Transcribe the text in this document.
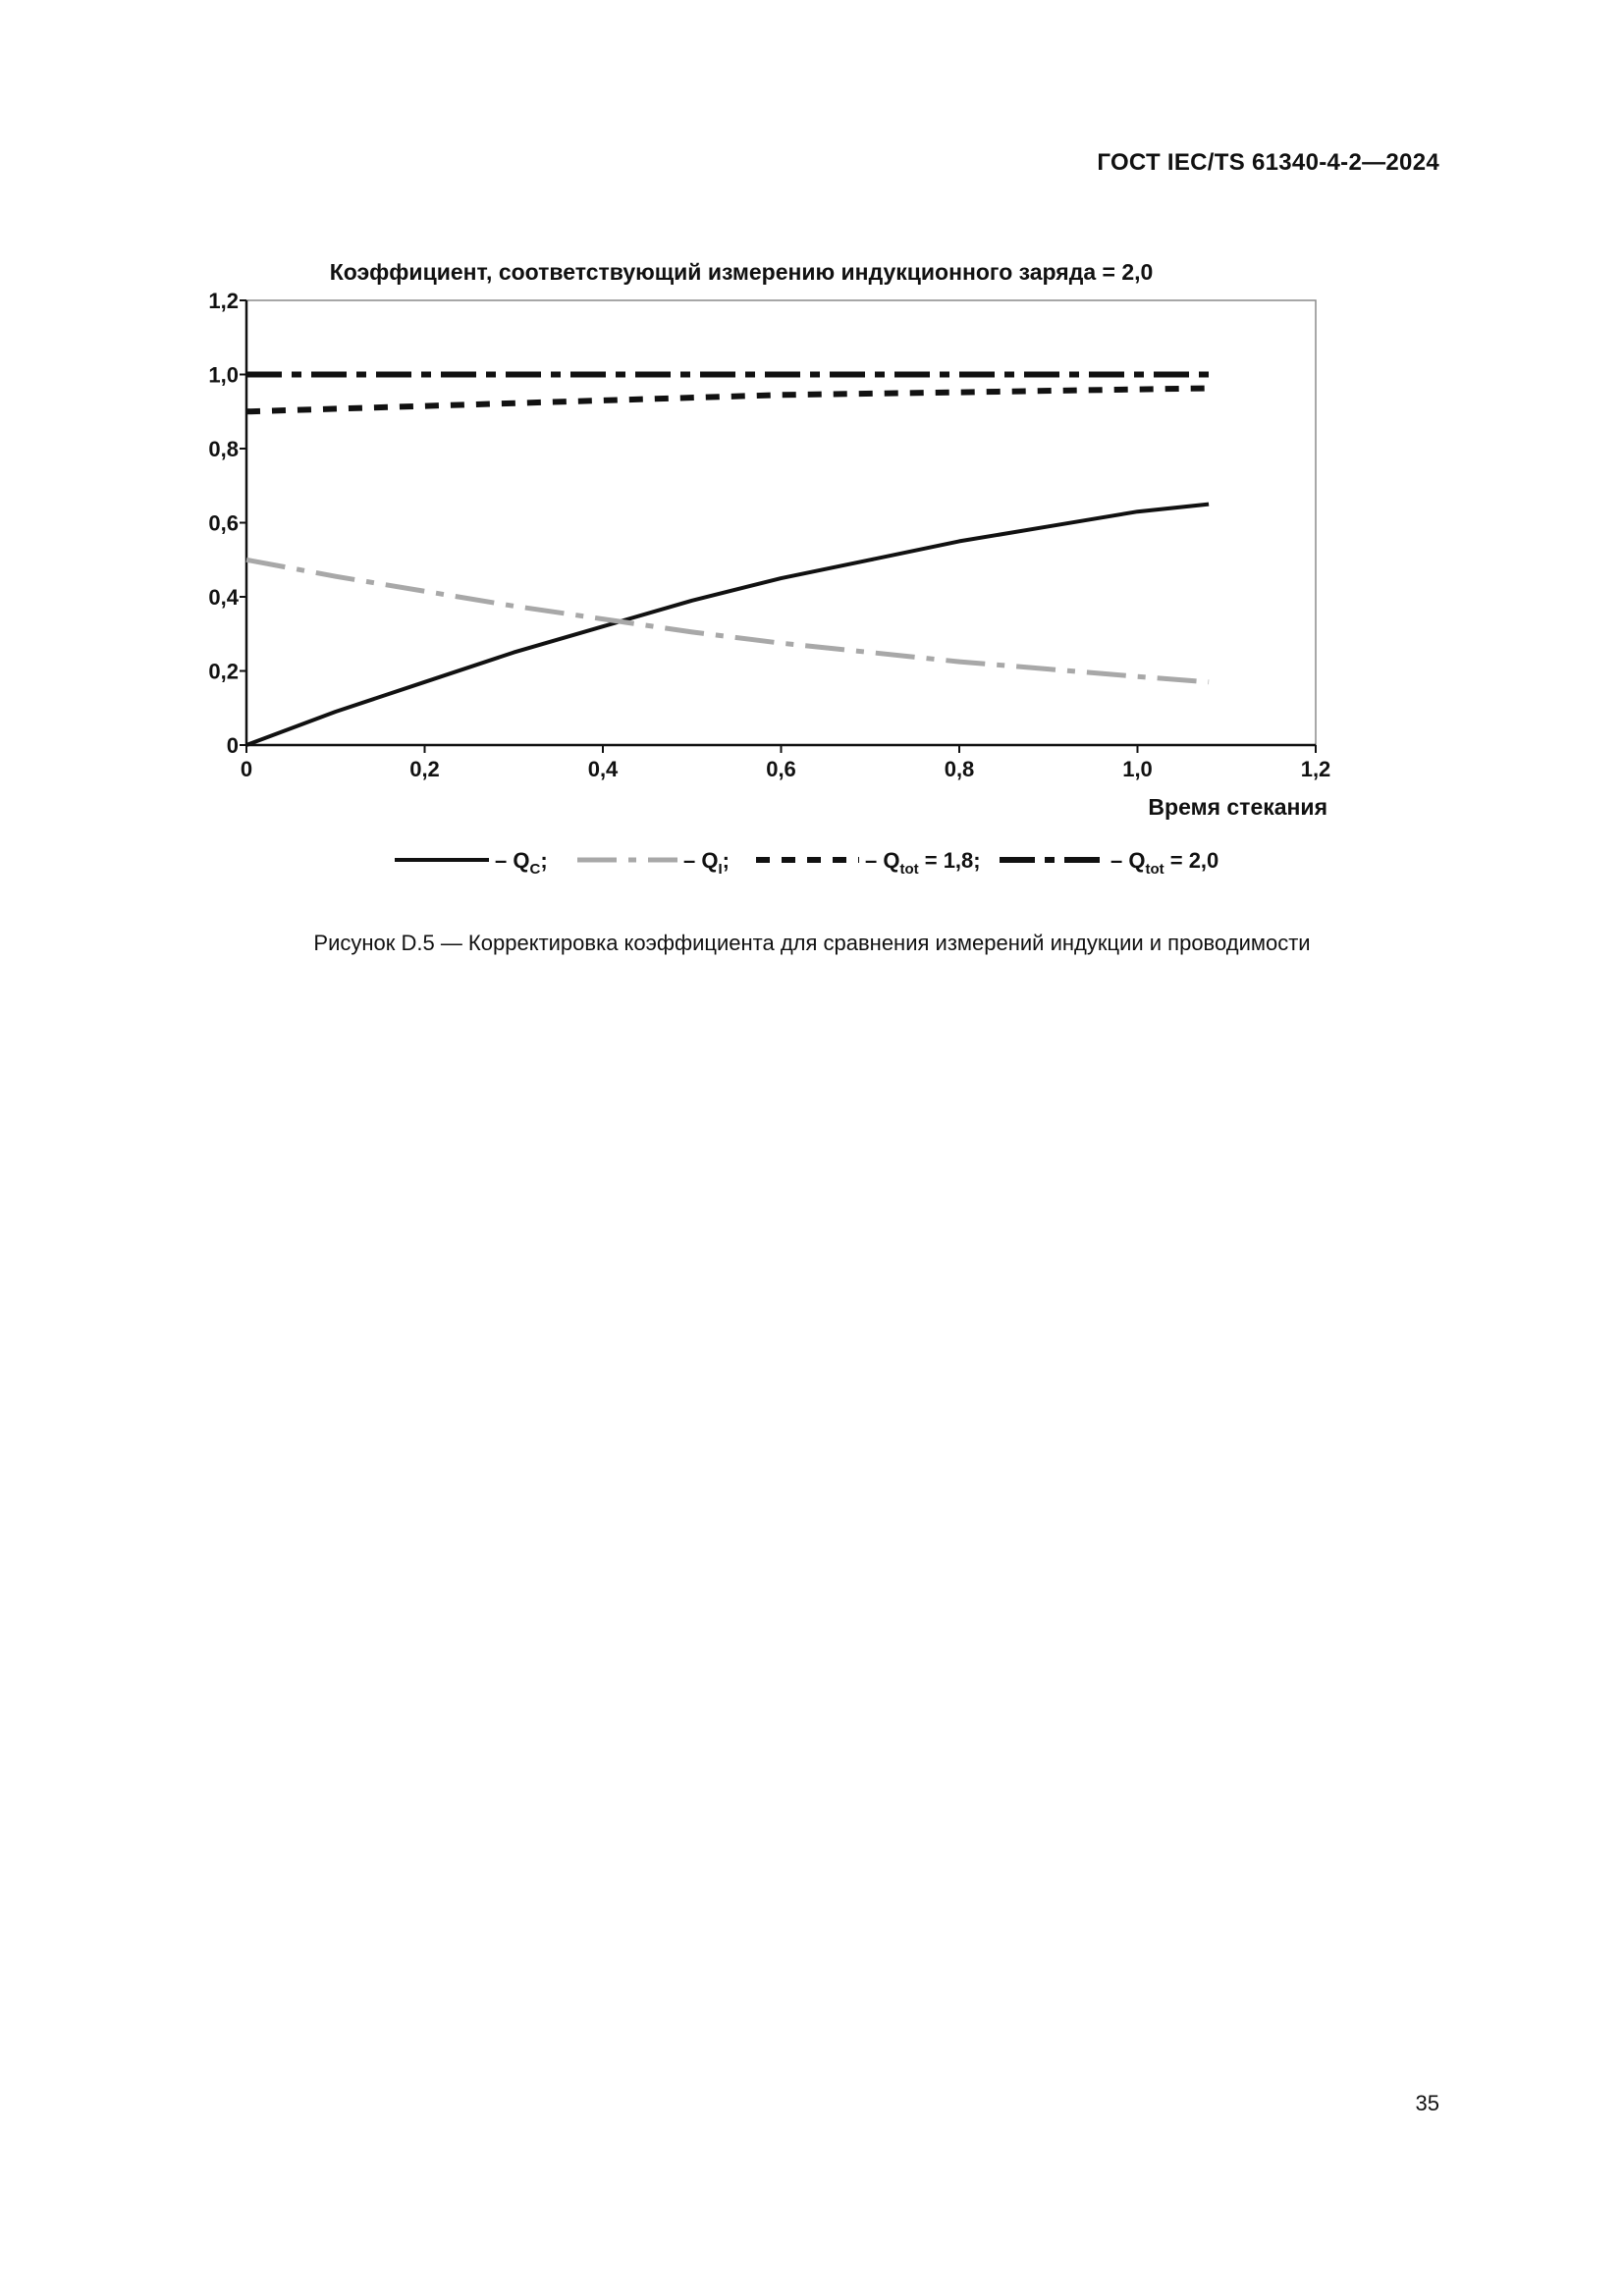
ГОСТ IEC/TS 61340-4-2—2024
Коэффициент, соответствующий измерению индукционного заряда = 2,0
0
0,2
0,4
0,6
0,8
1,0
1,2
0	0,2	0,4	0,6	0,8	1,0	1,2
Время стекания
– $Q_C$;	– $Q_I$;	– $Q_{tot} = 1,8$;	– $Q_{tot} = 2,0$
Рисунок D.5 — Корректировка коэффициента для сравнения измерений индукции и проводимости
35
